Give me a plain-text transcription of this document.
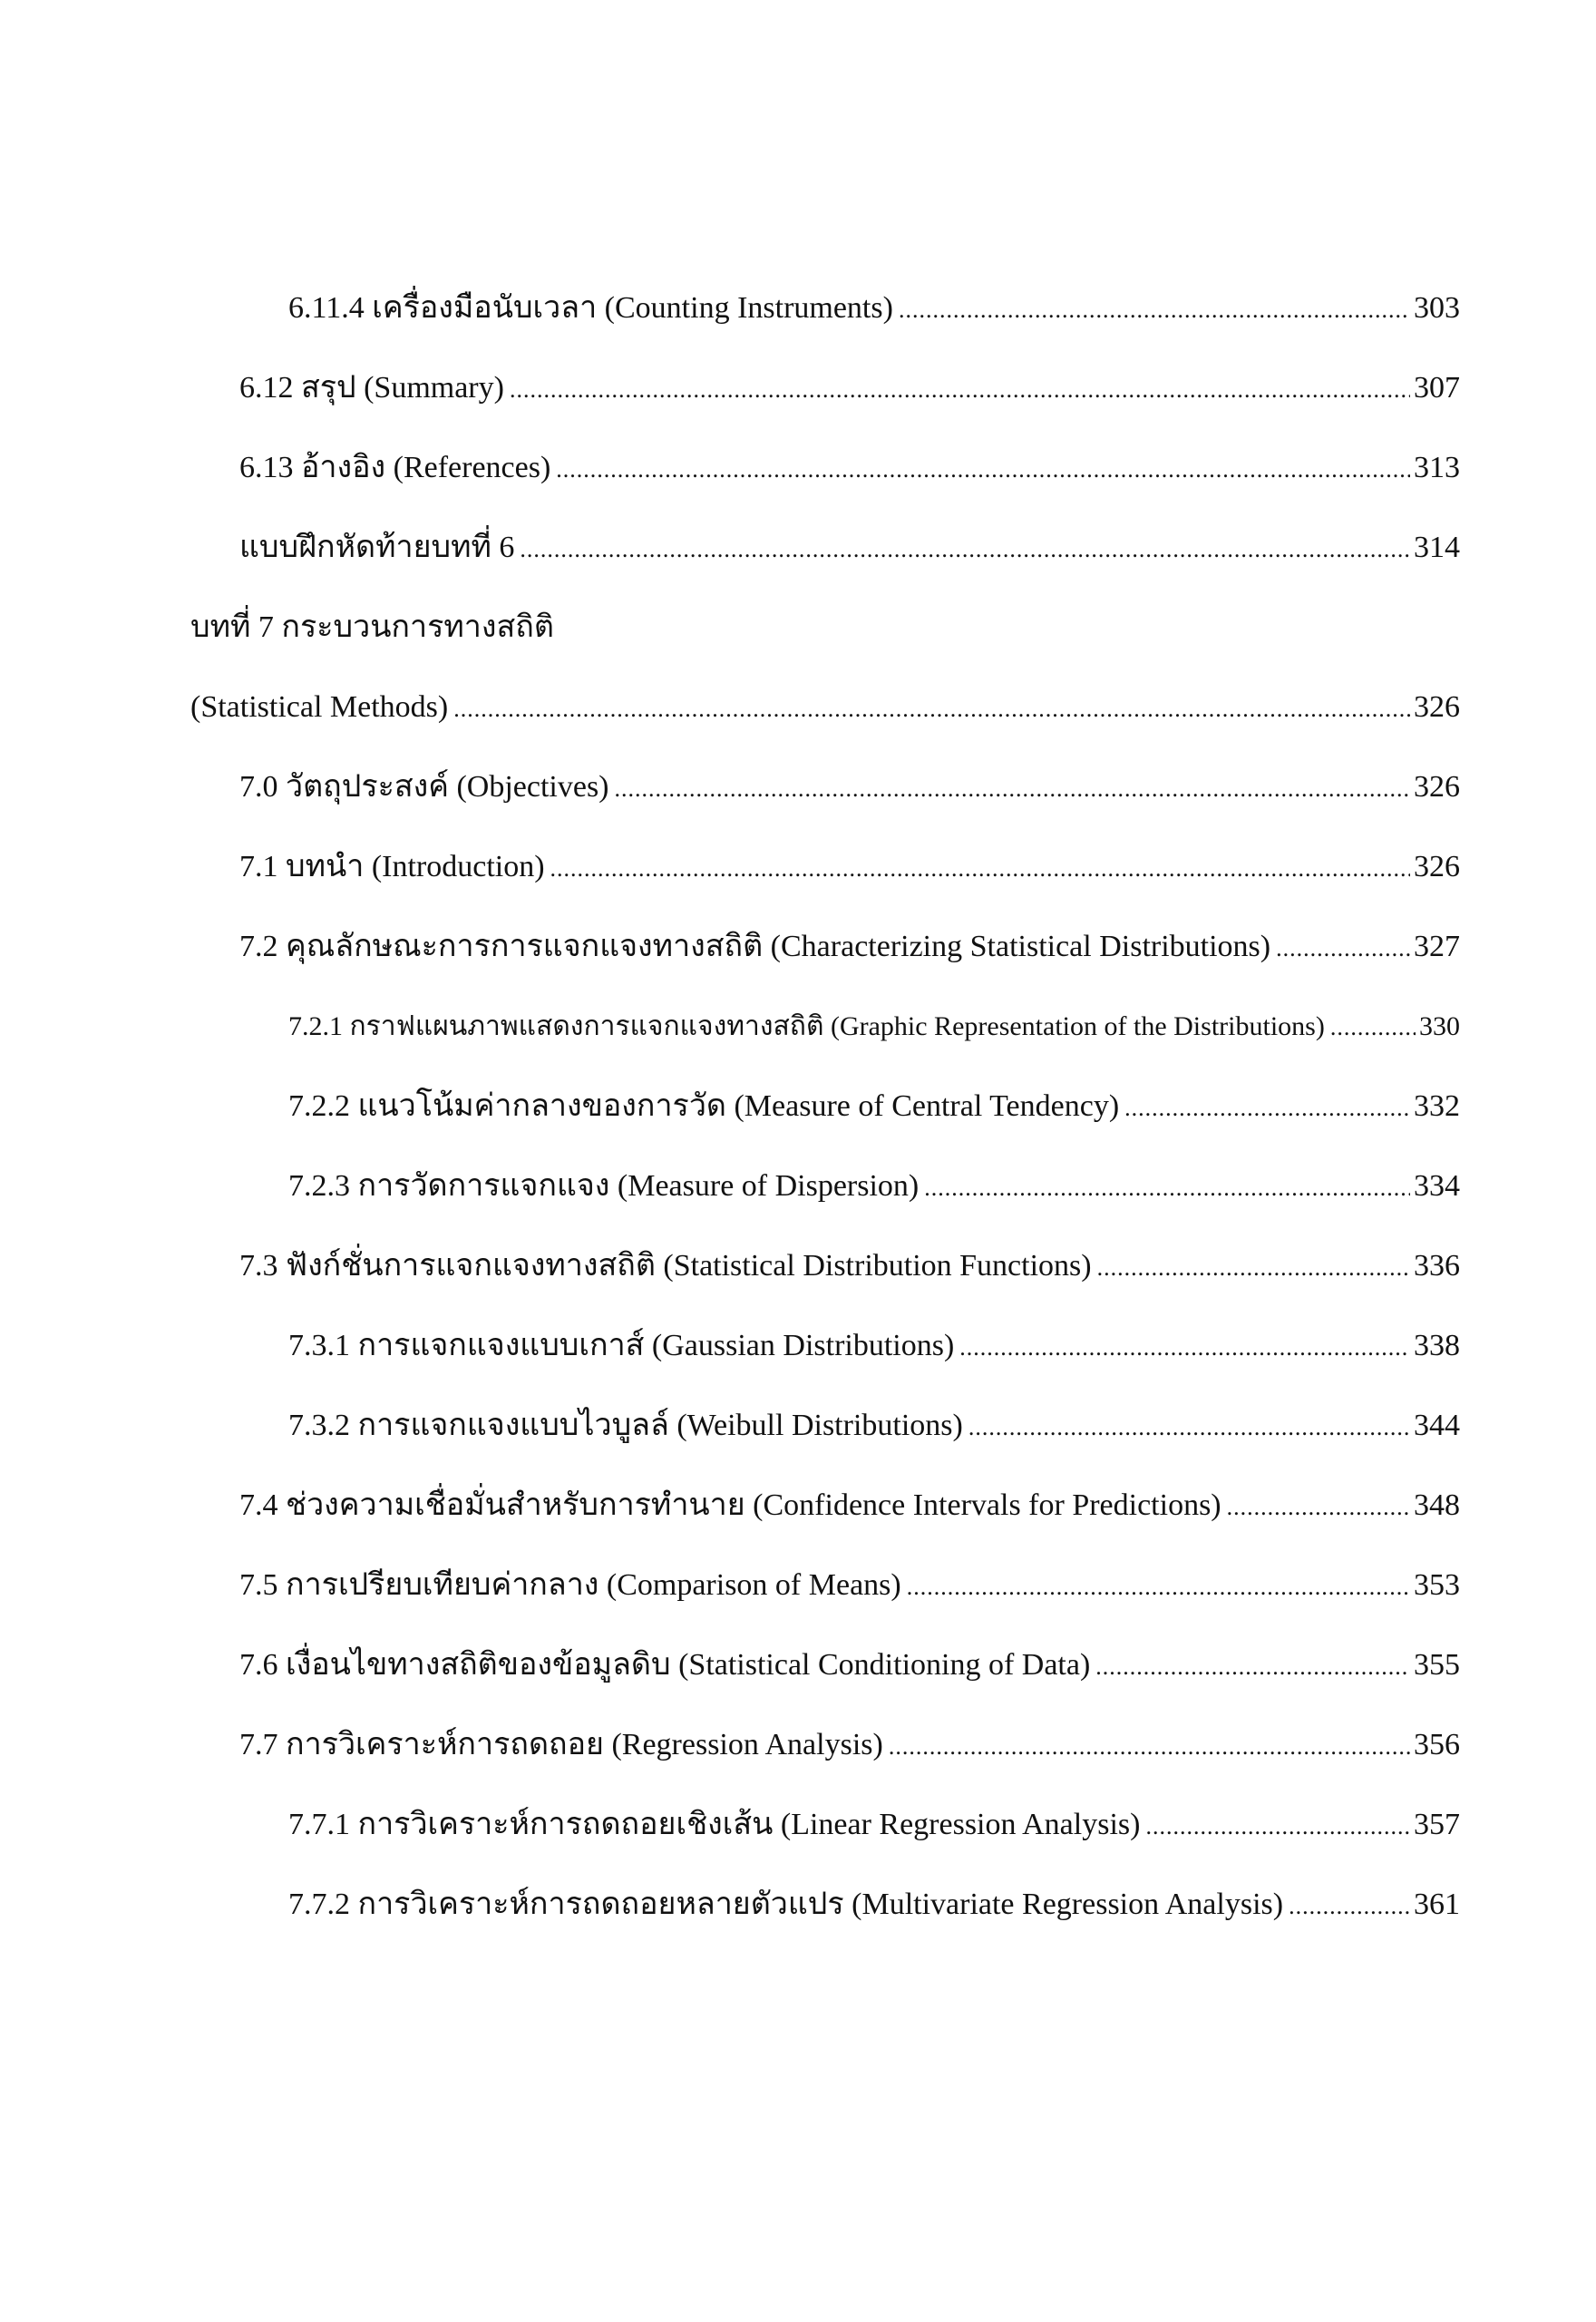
6.11.4 เครื่องมือนับเวลา (Counting Instruments) .....	303
6.12 สรุป (Summary) .....	307
6.13 อ้างอิง (References) .....	313
แบบฝึกหัดท้ายบทที่ 6 .....	314
บทที่ 7 กระบวนการทางสถิติ
(Statistical Methods) .....	326
7.0 วัตถุประสงค์ (Objectives) .....	326
7.1 บทนำ (Introduction) .....	326
7.2 คุณลักษณะการการแจกแจงทางสถิติ (Characterizing Statistical Distributions) .....	327
7.2.1 กราฟแผนภาพแสดงการแจกแจงทางสถิติ (Graphic Representation of the Distributions) .....	330
7.2.2 แนวโน้มค่ากลางของการวัด (Measure of Central Tendency) .....	332
7.2.3 การวัดการแจกแจง (Measure of Dispersion) .....	334
7.3 ฟังก์ชั่นการแจกแจงทางสถิติ (Statistical Distribution Functions) .....	336
7.3.1 การแจกแจงแบบเกาส์ (Gaussian Distributions) .....	338
7.3.2 การแจกแจงแบบไวบูลล์ (Weibull Distributions) .....	344
7.4 ช่วงความเชื่อมั่นสำหรับการทำนาย (Confidence Intervals for Predictions) .....	348
7.5 การเปรียบเทียบค่ากลาง (Comparison of Means) .....	353
7.6 เงื่อนไขทางสถิติของข้อมูลดิบ (Statistical Conditioning of Data) .....	355
7.7 การวิเคราะห์การถดถอย (Regression Analysis) .....	356
7.7.1 การวิเคราะห์การถดถอยเชิงเส้น (Linear Regression Analysis) .....	357
7.7.2 การวิเคราะห์การถดถอยหลายตัวแปร (Multivariate Regression Analysis) .....	361
